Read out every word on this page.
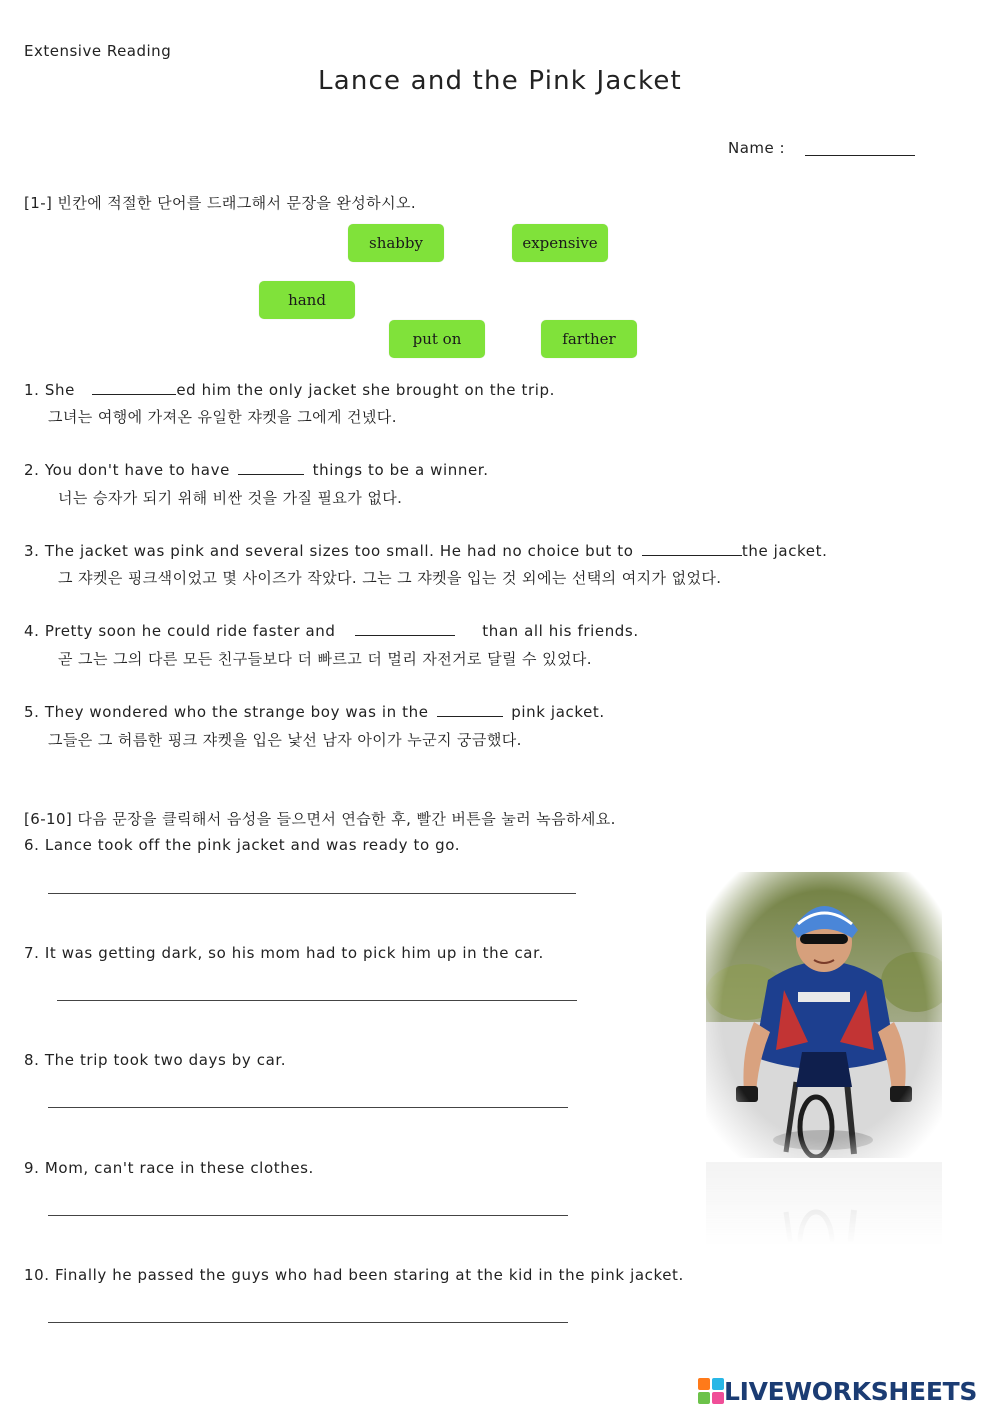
Extensive Reading
Lance and the Pink Jacket
Name :
[1-] 빈칸에 적절한 단어를 드래그해서 문장을 완성하시오.
shabby	expensive
hand
put on	farther
1. She	ed him the only jacket she brought on the trip.
그녀는 여행에 가져온 유일한 쟈켓을 그에게 건넸다.
2. You don't have to have	things to be a winner.
너는 승자가 되기 위해 비싼 것을 가질 필요가 없다.
3. The jacket was pink and several sizes too small. He had no choice but to	the jacket.
그 쟈켓은 핑크색이었고 몇 사이즈가 작았다. 그는 그 쟈켓을 입는 것 외에는 선택의 여지가 없었다.
4. Pretty soon he could ride faster and	than all his friends.
곧 그는 그의 다른 모든 친구들보다 더 빠르고 더 멀리 자전거로 달릴 수 있었다.
5. They wondered who the strange boy was in the	pink jacket.
그들은 그 허름한 핑크 쟈켓을 입은 낯선 남자 아이가 누군지 궁금했다.
[6-10] 다음 문장을 클릭해서 음성을 들으면서 연습한 후, 빨간 버튼을 눌러 녹음하세요.
6. Lance took off the pink jacket and was ready to go.
7. It was getting dark, so his mom had to pick him up in the car.
8. The trip took two days by car.
9. Mom, can't race in these clothes.
10. Finally he passed the guys who had been staring at the kid in the pink jacket.
LIVEWORKSHEETS
